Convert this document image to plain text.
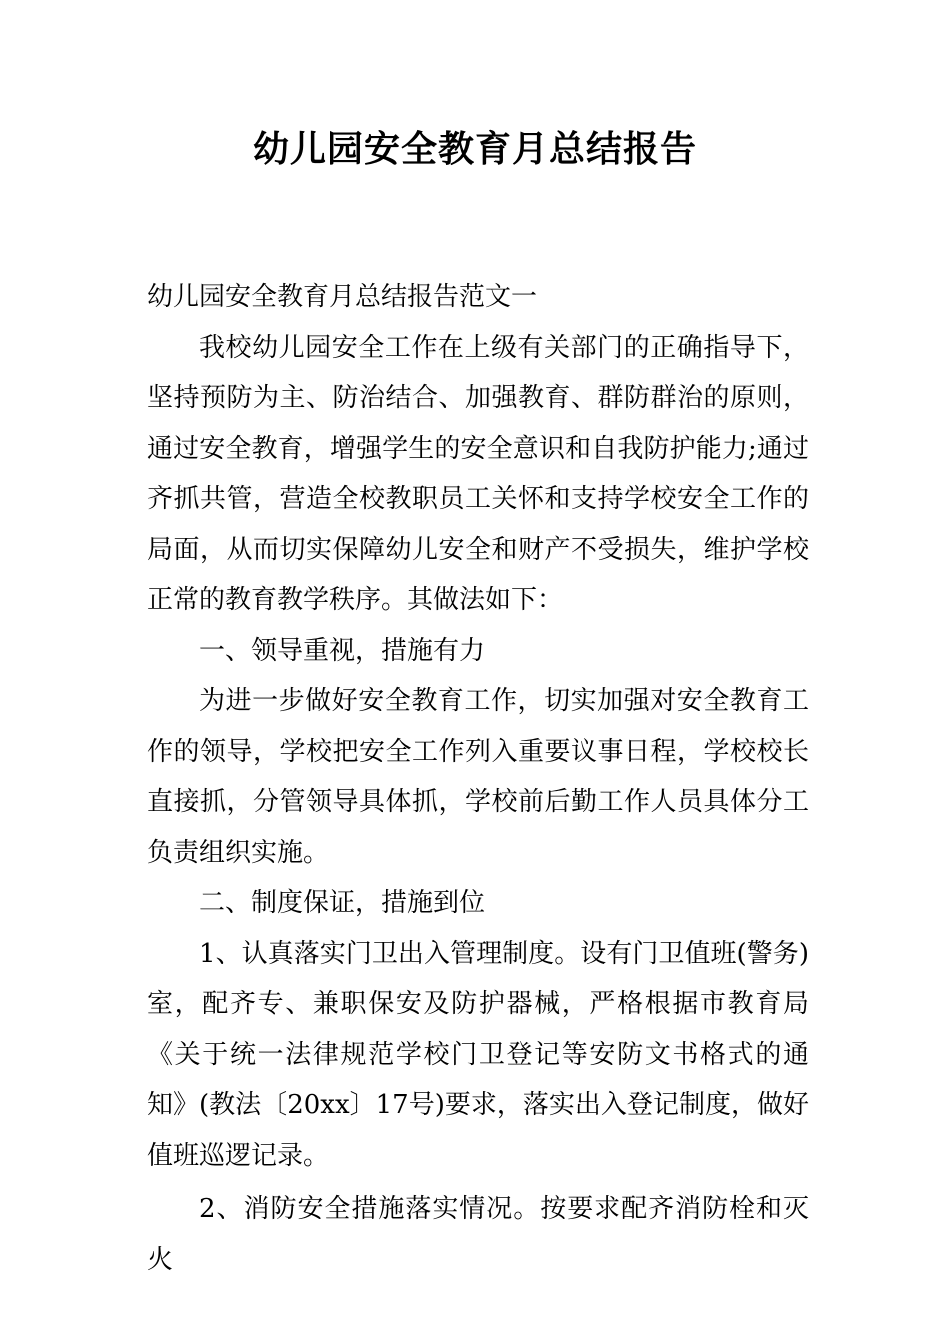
幼儿园安全教育月总结报告

幼儿园安全教育月总结报告范文一

我校幼儿园安全工作在上级有关部门的正确指导下，坚持预防为主、防治结合、加强教育、群防群治的原则，通过安全教育，增强学生的安全意识和自我防护能力;通过齐抓共管，营造全校教职员工关怀和支持学校安全工作的局面，从而切实保障幼儿安全和财产不受损失，维护学校正常的教育教学秩序。其做法如下：

一、领导重视，措施有力

为进一步做好安全教育工作，切实加强对安全教育工作的领导，学校把安全工作列入重要议事日程，学校校长直接抓，分管领导具体抓，学校前后勤工作人员具体分工负责组织实施。

二、制度保证，措施到位

1、认真落实门卫出入管理制度。设有门卫值班(警务)室，配齐专、兼职保安及防护器械，严格根据市教育局《关于统一法律规范学校门卫登记等安防文书格式的通知》(教法〔20xx〕17号)要求，落实出入登记制度，做好值班巡逻记录。

2、消防安全措施落实情况。按要求配齐消防栓和灭火
